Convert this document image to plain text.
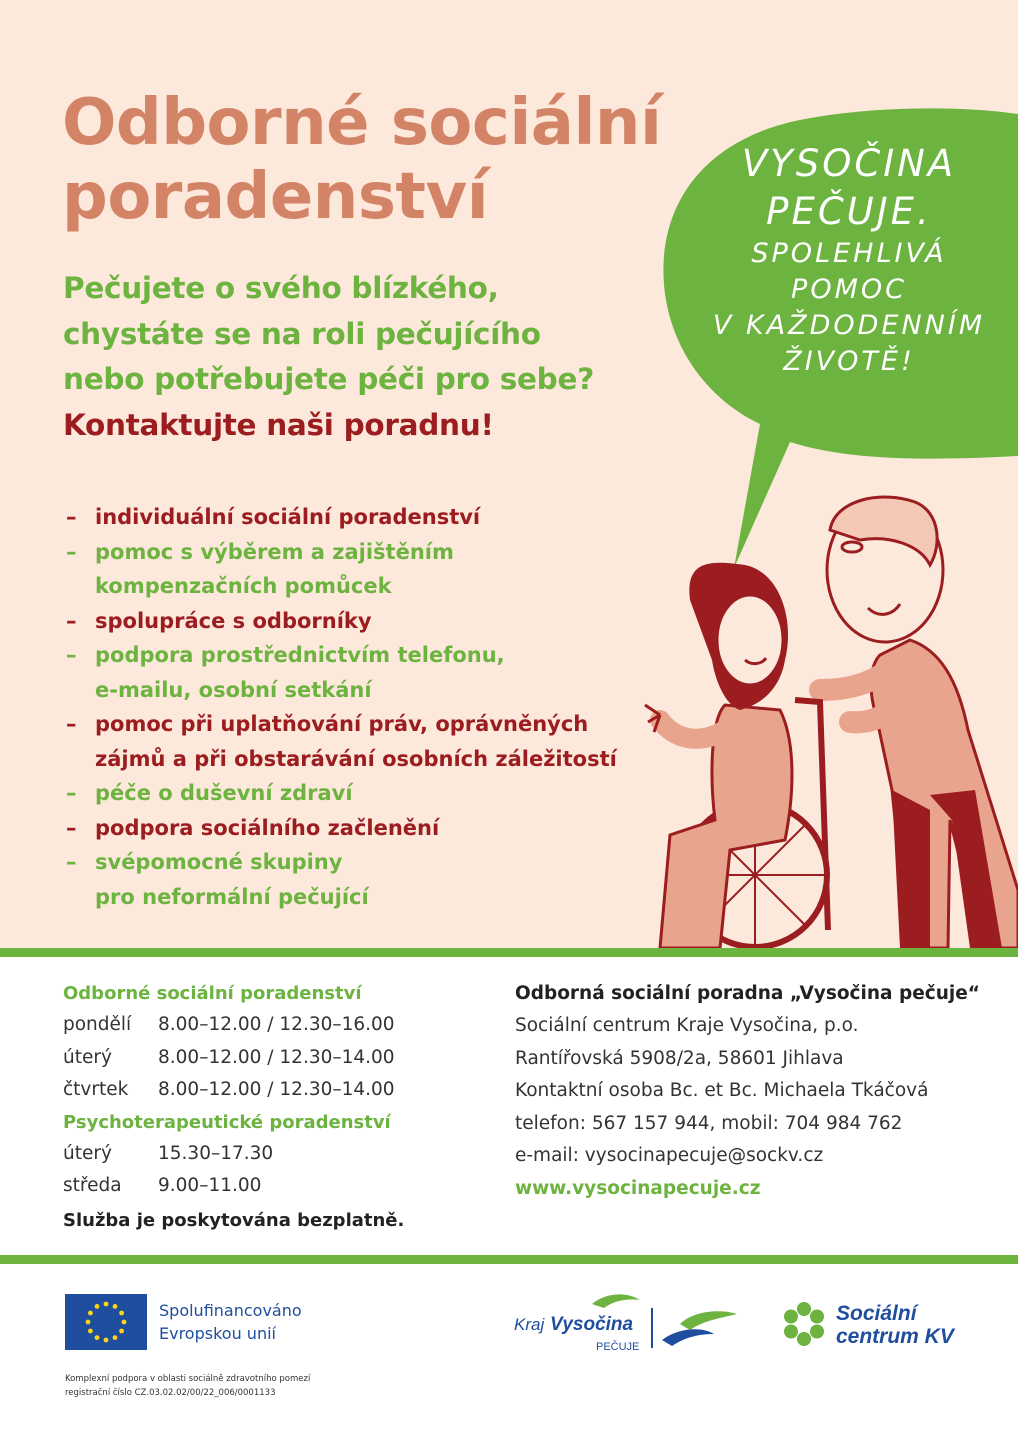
Odborné sociální poradenství
Pečujete o svého blízkého,
chystáte se na roli pečujícího
nebo potřebujete péči pro sebe?
Kontaktujte naši poradnu!
– individuální sociální poradenství
– pomoc s výběrem a zajištěním
kompenzačních pomůcek
– spolupráce s odborníky
– podpora prostřednictvím telefonu,
e-mailu, osobní setkání
– pomoc při uplatňování práv, oprávněných
zájmů a při obstarávání osobních záležitostí
– péče o duševní zdraví
– podpora sociálního začlenění
– svépomocné skupiny
pro neformální pečující
VYSOČINA
PEČUJE.
SPOLEHLIVÁ POMOC
V KAŽDODENNÍM
ŽIVOTĚ!
Odborné sociální poradenství
pondělí 8.00–12.00 / 12.30–16.00
úterý 8.00–12.00 / 12.30–14.00
čtvrtek 8.00–12.00 / 12.30–14.00
Psychoterapeutické poradenství
úterý 15.30–17.30
středa 9.00–11.00
Služba je poskytována bezplatně.
Odborná sociální poradna „Vysočina pečuje“
Sociální centrum Kraje Vysočina, p.o.
Rantířovská 5908/2a, 58601 Jihlava
Kontaktní osoba Bc. et Bc. Michaela Tkáčová
telefon: 567 157 944, mobil: 704 984 762
e-mail: vysocinapecuje@sockv.cz
www.vysocinapecuje.cz
Spolufinancováno
Evropskou unií
Komplexní podpora v oblasti sociálně zdravotního pomezí
registrační číslo CZ.03.02.02/00/22_006/0001133
Kraj Vysočina
PEČUJE
Sociální
centrum KV
